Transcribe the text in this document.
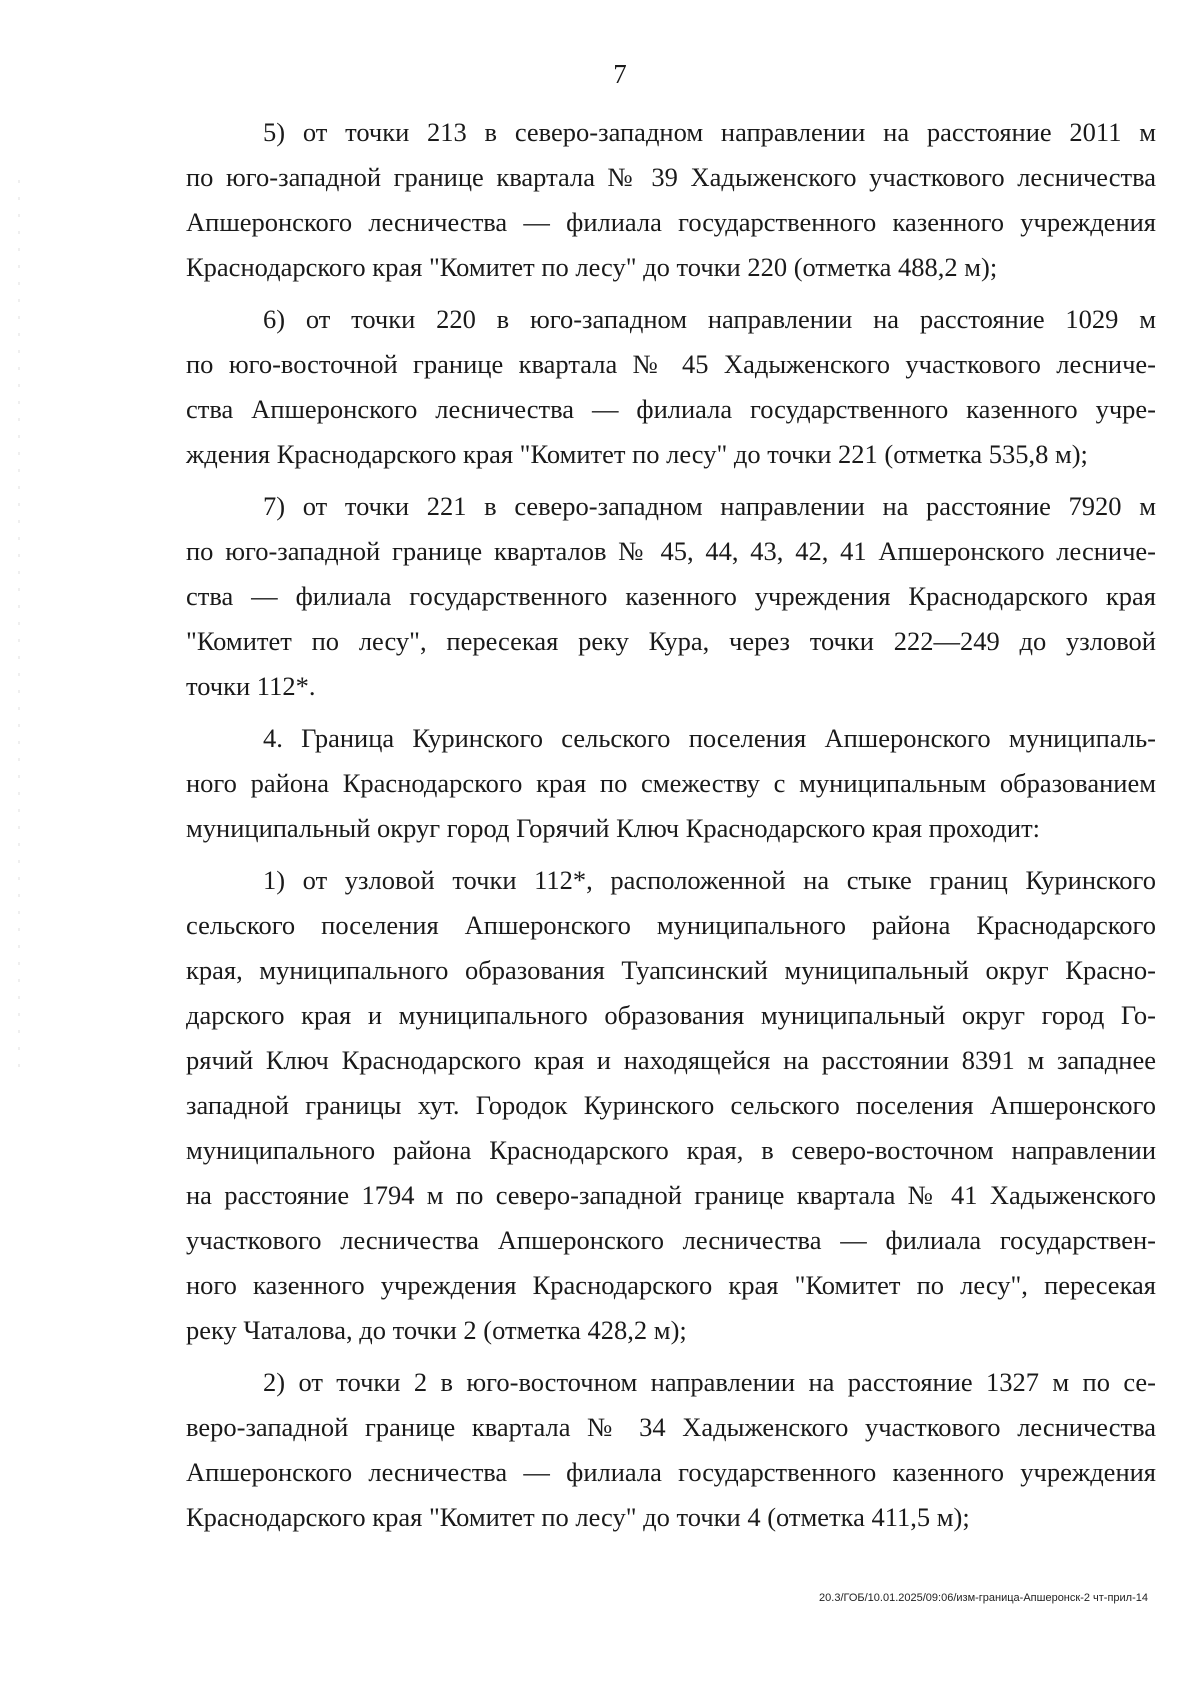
7

5) от точки 213 в северо-западном направлении на расстояние 2011 м
по юго-западной границе квартала № 39 Хадыженского участкового лесничества
Апшеронского лесничества — филиала государственного казенного учреждения
Краснодарского края "Комитет по лесу" до точки 220 (отметка 488,2 м);

6) от точки 220 в юго-западном направлении на расстояние 1029 м
по юго-восточной границе квартала № 45 Хадыженского участкового лесниче-
ства Апшеронского лесничества — филиала государственного казенного учре-
ждения Краснодарского края "Комитет по лесу" до точки 221 (отметка 535,8 м);

7) от точки 221 в северо-западном направлении на расстояние 7920 м
по юго-западной границе кварталов № 45, 44, 43, 42, 41 Апшеронского лесниче-
ства — филиала государственного казенного учреждения Краснодарского края
"Комитет по лесу", пересекая реку Кура, через точки 222—249 до узловой
точки 112*.

4. Граница Куринского сельского поселения Апшеронского муниципаль-
ного района Краснодарского края по смежеству с муниципальным образованием
муниципальный округ город Горячий Ключ Краснодарского края проходит:

1) от узловой точки 112*, расположенной на стыке границ Куринского
сельского поселения Апшеронского муниципального района Краснодарского
края, муниципального образования Туапсинский муниципальный округ Красно-
дарского края и муниципального образования муниципальный округ город Го-
рячий Ключ Краснодарского края и находящейся на расстоянии 8391 м западнее
западной границы хут. Городок Куринского сельского поселения Апшеронского
муниципального района Краснодарского края, в северо-восточном направлении
на расстояние 1794 м по северо-западной границе квартала № 41 Хадыженского
участкового лесничества Апшеронского лесничества — филиала государствен-
ного казенного учреждения Краснодарского края "Комитет по лесу", пересекая
реку Чаталова, до точки 2 (отметка 428,2 м);

2) от точки 2 в юго-восточном направлении на расстояние 1327 м по се-
веро-западной границе квартала № 34 Хадыженского участкового лесничества
Апшеронского лесничества — филиала государственного казенного учреждения
Краснодарского края "Комитет по лесу" до точки 4 (отметка 411,5 м);

20.3/ГОБ/10.01.2025/09:06/изм-граница-Апшеронск-2 чт-прил-14
